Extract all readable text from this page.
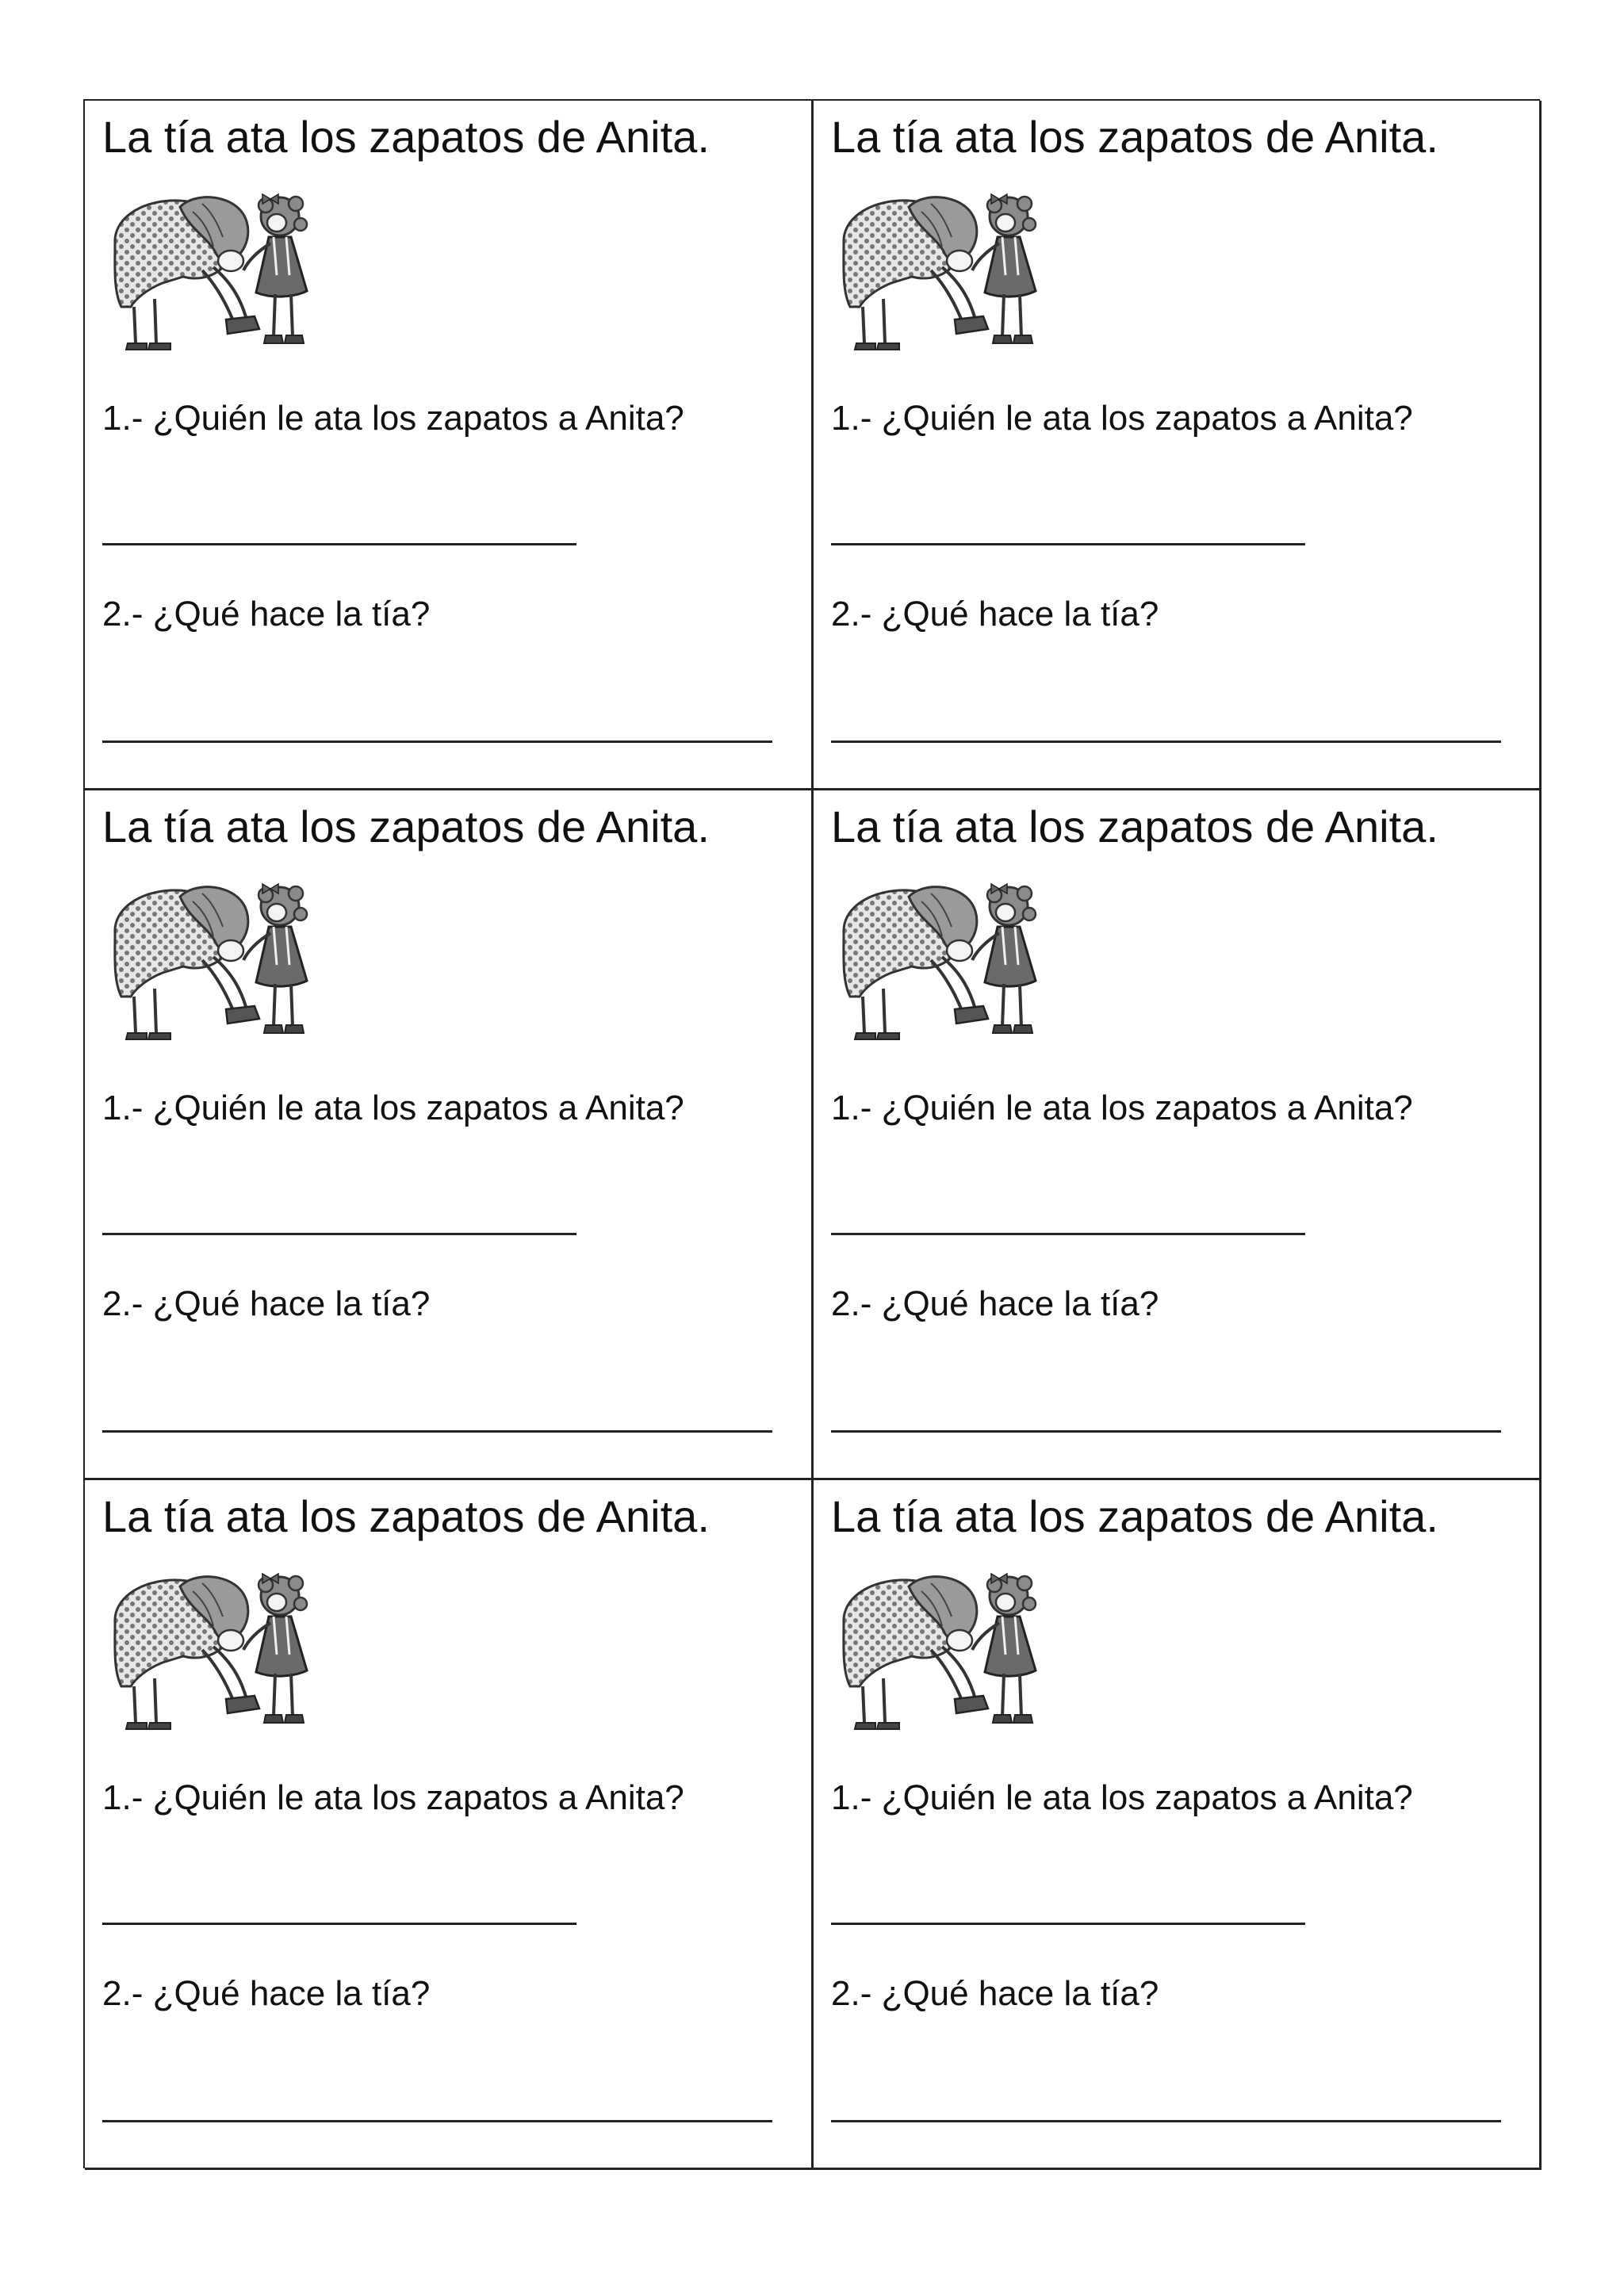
La tía ata los zapatos de Anita.
1.- ¿Quién le ata los zapatos a Anita?
2.- ¿Qué hace la tía?
La tía ata los zapatos de Anita.
1.- ¿Quién le ata los zapatos a Anita?
2.- ¿Qué hace la tía?
La tía ata los zapatos de Anita.
1.- ¿Quién le ata los zapatos a Anita?
2.- ¿Qué hace la tía?
La tía ata los zapatos de Anita.
1.- ¿Quién le ata los zapatos a Anita?
2.- ¿Qué hace la tía?
La tía ata los zapatos de Anita.
1.- ¿Quién le ata los zapatos a Anita?
2.- ¿Qué hace la tía?
La tía ata los zapatos de Anita.
1.- ¿Quién le ata los zapatos a Anita?
2.- ¿Qué hace la tía?
